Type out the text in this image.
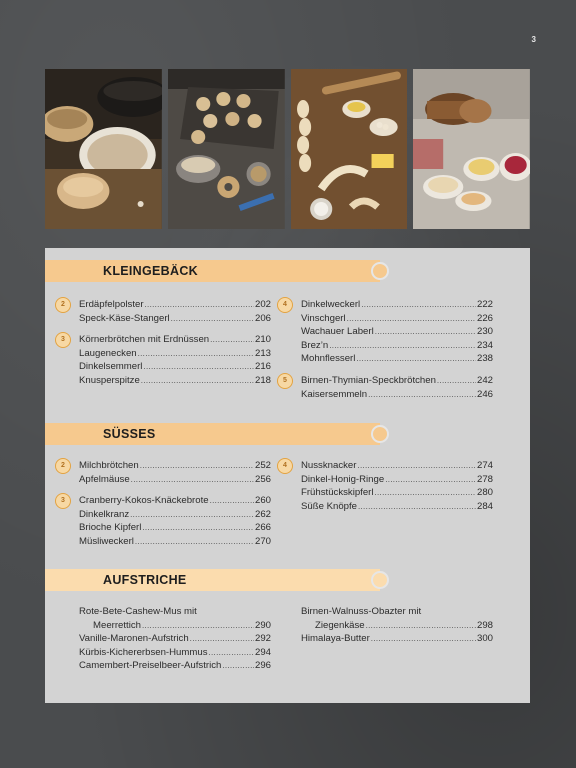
3
KLEINGEBÄCK
2	Erdäpfelpolster .....	202
Speck-Käse-Stangerl .....	206
3	Körnerbrötchen mit Erdnüssen .....	210
Laugenecken .....	213
Dinkelsemmerl .....	216
Knusperspitze .....	218
4	Dinkelweckerl .....	222
Vinschgerl .....	226
Wachauer Laberl .....	230
Brez’n .....	234
Mohnflesserl .....	238
5	Birnen-Thymian-Speckbrötchen .....	242
Kaisersemmeln .....	246
SÜSSES
2	Milchbrötchen .....	252
Apfelmäuse .....	256
3	Cranberry-Kokos-Knäckebrote .....	260
Dinkelkranz .....	262
Brioche Kipferl .....	266
Müsliweckerl .....	270
4	Nussknacker .....	274
Dinkel-Honig-Ringe .....	278
Frühstückskipferl .....	280
Süße Knöpfe .....	284
AUFSTRICHE
Rote-Bete-Cashew-Mus mit
Meerrettich .....	290
Vanille-Maronen-Aufstrich .....	292
Kürbis-Kichererbsen-Hummus .....	294
Camembert-Preiselbeer-Aufstrich .....	296
Birnen-Walnuss-Obazter mit
Ziegenkäse .....	298
Himalaya-Butter .....	300
